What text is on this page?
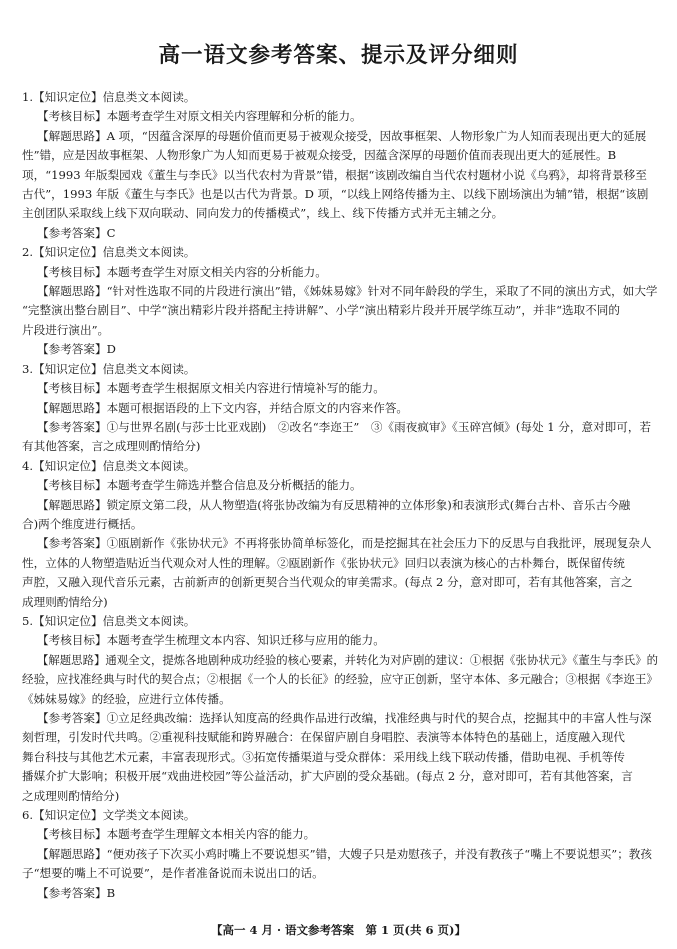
高一语文参考答案、提示及评分细则

1.【知识定位】信息类文本阅读。

【考核目标】本题考查学生对原文相关内容理解和分析的能力。

【解题思路】A 项，“因蕴含深厚的母题价值而更易于被观众接受，因故事框架、人物形象广为人知而表现出更大的延展

性”错，应是因故事框架、人物形象广为人知而更易于被观众接受，因蕴含深厚的母题价值而表现出更大的延展性。B

项，“1993 年版梨园戏《董生与李氏》以当代农村为背景”错，根据“该剧改编自当代农村题材小说《乌鸦》，却将背景移至

古代”，1993 年版《董生与李氏》也是以古代为背景。D 项，“以线上网络传播为主、以线下剧场演出为辅”错，根据“该剧

主创团队采取线上线下双向联动、同向发力的传播模式”，线上、线下传播方式并无主辅之分。

【参考答案】C

2.【知识定位】信息类文本阅读。

【考核目标】本题考查学生对原文相关内容的分析能力。

【解题思路】“针对性选取不同的片段进行演出”错，《姊妹易嫁》针对不同年龄段的学生，采取了不同的演出方式，如大学

“完整演出整台剧目”、中学“演出精彩片段并搭配主持讲解”、小学“演出精彩片段并开展学练互动”，并非“选取不同的

片段进行演出”。

【参考答案】D

3.【知识定位】信息类文本阅读。

【考核目标】本题考查学生根据原文相关内容进行情境补写的能力。

【解题思路】本题可根据语段的上下文内容，并结合原文的内容来作答。

【参考答案】①与世界名剧(与莎士比亚戏剧)　②改名“李迩王”　③《雨夜疯审》《玉碎宫倾》(每处 1 分，意对即可，若

有其他答案，言之成理则酌情给分)

4.【知识定位】信息类文本阅读。

【考核目标】本题考查学生筛选并整合信息及分析概括的能力。

【解题思路】锁定原文第二段，从人物塑造(将张协改编为有反思精神的立体形象)和表演形式(舞台古朴、音乐古今融

合)两个维度进行概括。

【参考答案】①瓯剧新作《张协状元》不再将张协简单标签化，而是挖掘其在社会压力下的反思与自我批评，展现复杂人

性，立体的人物塑造贴近当代观众对人性的理解。②瓯剧新作《张协状元》回归以表演为核心的古朴舞台，既保留传统

声腔，又融入现代音乐元素，古前新声的创新更契合当代观众的审美需求。(每点 2 分，意对即可，若有其他答案，言之

成理则酌情给分)

5.【知识定位】信息类文本阅读。

【考核目标】本题考查学生梳理文本内容、知识迁移与应用的能力。

【解题思路】通观全文，提炼各地剧种成功经验的核心要素，并转化为对庐剧的建议：①根据《张协状元》《董生与李氏》的

经验，应找准经典与时代的契合点；②根据《一个人的长征》的经验，应守正创新，坚守本体、多元融合；③根据《李迩王》

《姊妹易嫁》的经验，应进行立体传播。

【参考答案】①立足经典改编：选择认知度高的经典作品进行改编，找准经典与时代的契合点，挖掘其中的丰富人性与深

刻哲理，引发时代共鸣。②重视科技赋能和跨界融合：在保留庐剧自身唱腔、表演等本体特色的基础上，适度融入现代

舞台科技与其他艺术元素，丰富表现形式。③拓宽传播渠道与受众群体：采用线上线下联动传播，借助电视、手机等传

播媒介扩大影响；积极开展“戏曲进校园”等公益活动，扩大庐剧的受众基础。(每点 2 分，意对即可，若有其他答案，言

之成理则酌情给分)

6.【知识定位】文学类文本阅读。

【考核目标】本题考查学生理解文本相关内容的能力。

【解题思路】“便劝孩子下次买小鸡时嘴上不要说想买”错，大嫂子只是劝慰孩子，并没有教孩子“嘴上不要说想买”；教孩

子“想要的嘴上不可说要”，是作者准备说而未说出口的话。

【参考答案】B

【高一 4 月 · 语文参考答案　第 1 页(共 6 页)】
